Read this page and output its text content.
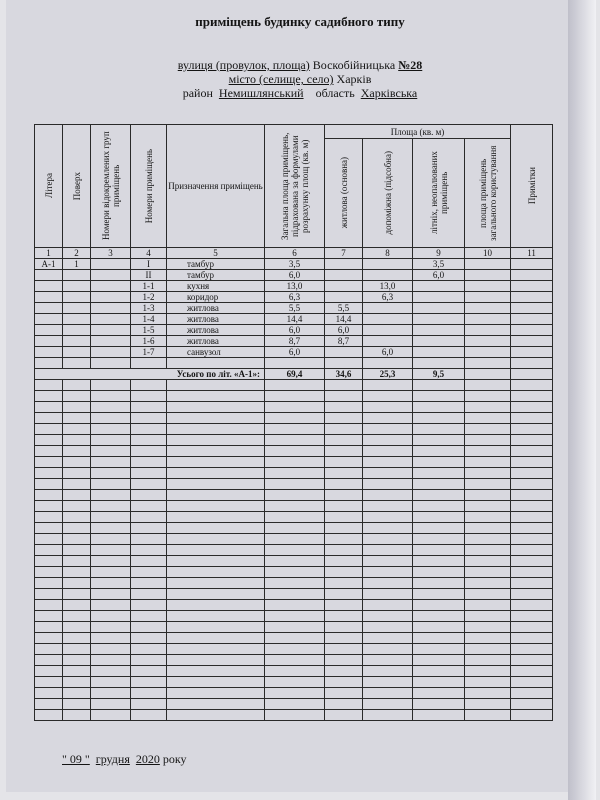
приміщень будинку садибного типу
вулиця (провулок, площа) Воскобійницька №28
місто (селище, село) Харків
район Немишлянський область Харківська
Літера	Поверх	Номери відокремлених груп приміщень	Номери приміщень	Призначення приміщень	Загальна площа приміщень, підрахована за формулами розрахунку площ (кв. м)	Площа (кв. м)				Примітки

						житлова (основна)	допоміжна (підсобна)	літніх, неопалюваних приміщень	площа приміщень загального користування	

1	2	3	4	5	6	7	8	9	10	11
А-1	1		І	тамбур	3,5			3,5		
			ІІ	тамбур	6,0			6,0		
			1-1	кухня	13,0		13,0			
			1-2	коридор	6,3		6,3			
			1-3	житлова	5,5	5,5				
			1-4	житлова	14,4	14,4				
			1-5	житлова	6,0	6,0				
			1-6	житлова	8,7	8,7				
			1-7	санвузол	6,0		6,0			

Усього по літ. «А-1»:					69,4	34,6	25,3	9,5		

" 09 " грудня 2020 року
